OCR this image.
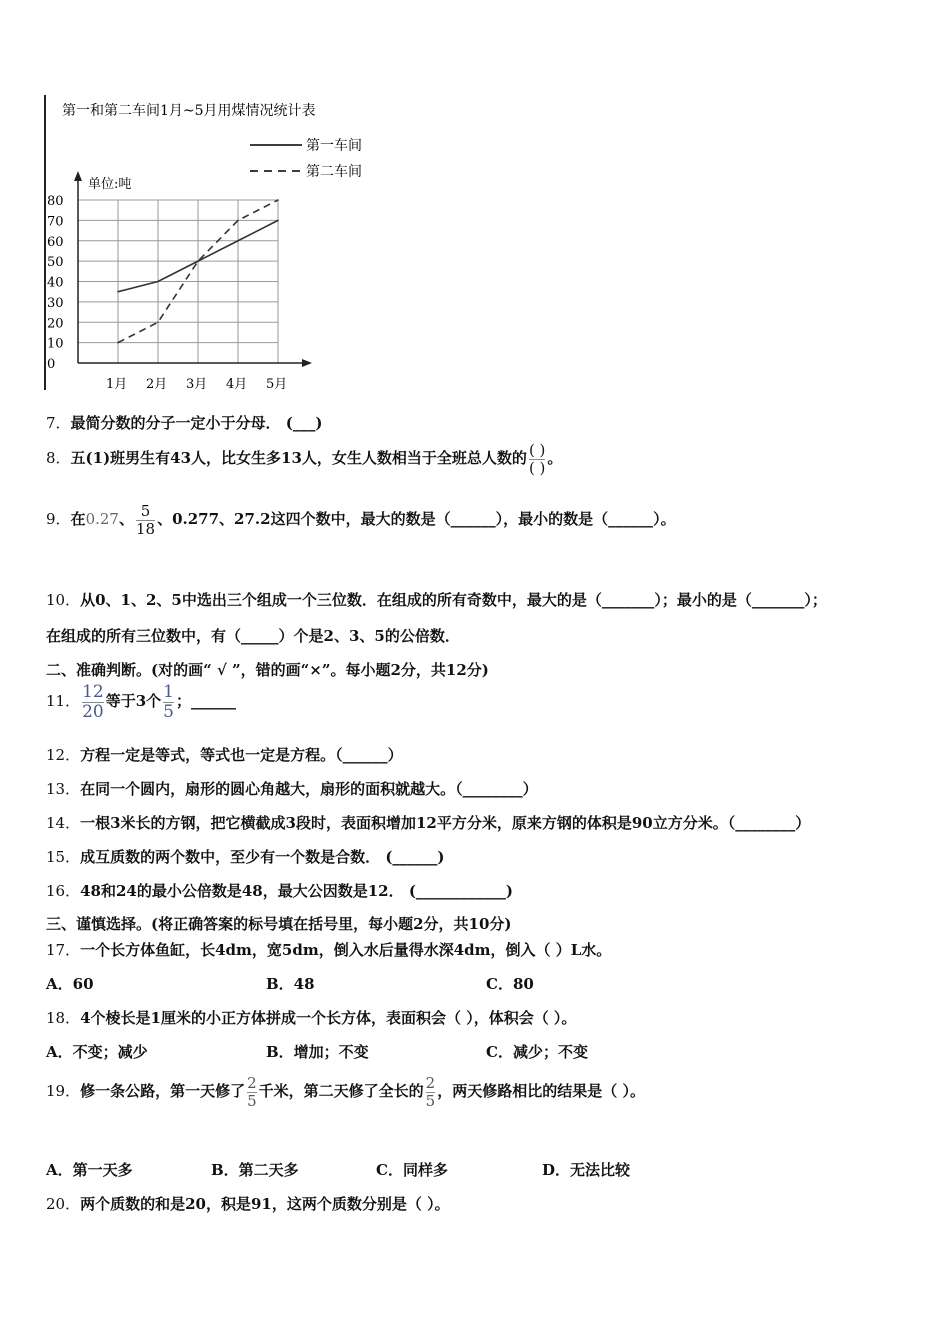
第一和第二车间1月~5月用煤情况统计表
第一车间
第二车间
单位:吨
0
10
20
30
40
50
60
70
80
1月 2月 3月 4月 5月
7．最简分数的分子一定小于分母． (___)
8．五(1)班男生有43人，比女生多13人，女生人数相当于全班总人数的 $\frac{( )}{( )}$ 。
9．在0.27、 $\frac{5}{18}$ 、0.277、27.2这四个数中，最大的数是（______），最小的数是（______）。
10．从0、1、2、5中选出三个组成一个三位数．在组成的所有奇数中，最大的是（_______）；最小的是（_______）；
在组成的所有三位数中，有（_____）个是2、3、5的公倍数．
二、准确判断。(对的画“ √ ”，错的画“×”。每小题2分，共12分)
11． $\frac{12}{20}$ 等于3个 $\frac{1}{5}$ ；______
12．方程一定是等式，等式也一定是方程。（______）
13．在同一个圆内，扇形的圆心角越大，扇形的面积就越大。（________）
14．一根3米长的方钢，把它横截成3段时，表面积增加12平方分米，原来方钢的体积是90立方分米。（________）
15．成互质数的两个数中，至少有一个数是合数． (______)
16．48和24的最小公倍数是48，最大公因数是12． (____________)
三、谨慎选择。(将正确答案的标号填在括号里，每小题2分，共10分)
17．一个长方体鱼缸，长4dm，宽5dm，倒入水后量得水深4dm，倒入（ ）L水。
A．60	B．48	C．80
18．4个棱长是1厘米的小正方体拼成一个长方体，表面积会（ ），体积会（ ）。
A．不变；减少	B．增加；不变	C．减少；不变
19．修一条公路，第一天修了 $\frac{2}{5}$ 千米，第二天修了全长的 $\frac{2}{5}$ ，两天修路相比的结果是（ ）。
A．第一天多	B．第二天多	C．同样多	D．无法比较
20．两个质数的和是20，积是91，这两个质数分别是（ ）。
